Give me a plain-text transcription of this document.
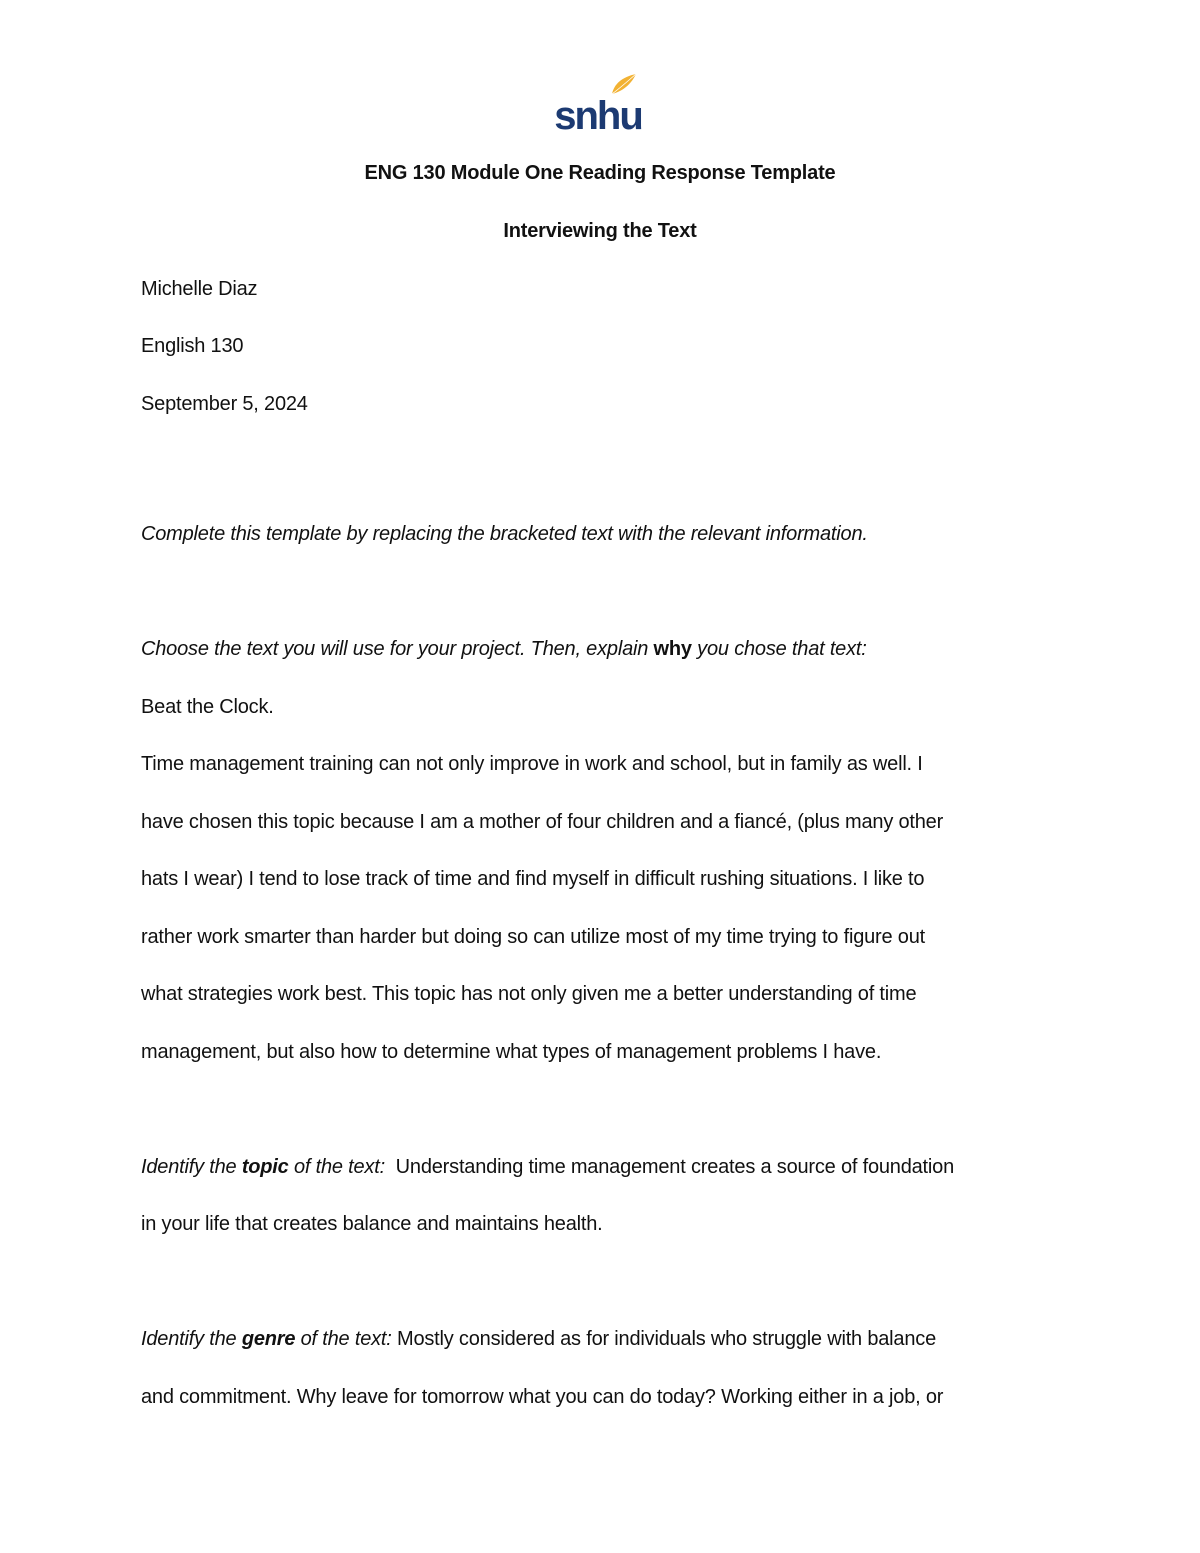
snhu
ENG 130 Module One Reading Response Template
Interviewing the Text
Michelle Diaz
English 130
September 5, 2024
Complete this template by replacing the bracketed text with the relevant information.
Choose the text you will use for your project. Then, explain why you chose that text:
Beat the Clock.
Time management training can not only improve in work and school, but in family as well. I
have chosen this topic because I am a mother of four children and a fiancé, (plus many other
hats I wear) I tend to lose track of time and find myself in difficult rushing situations. I like to
rather work smarter than harder but doing so can utilize most of my time trying to figure out
what strategies work best. This topic has not only given me a better understanding of time
management, but also how to determine what types of management problems I have.
Identify the topic of the text:  Understanding time management creates a source of foundation
in your life that creates balance and maintains health.
Identify the genre of the text: Mostly considered as for individuals who struggle with balance
and commitment. Why leave for tomorrow what you can do today? Working either in a job, or
